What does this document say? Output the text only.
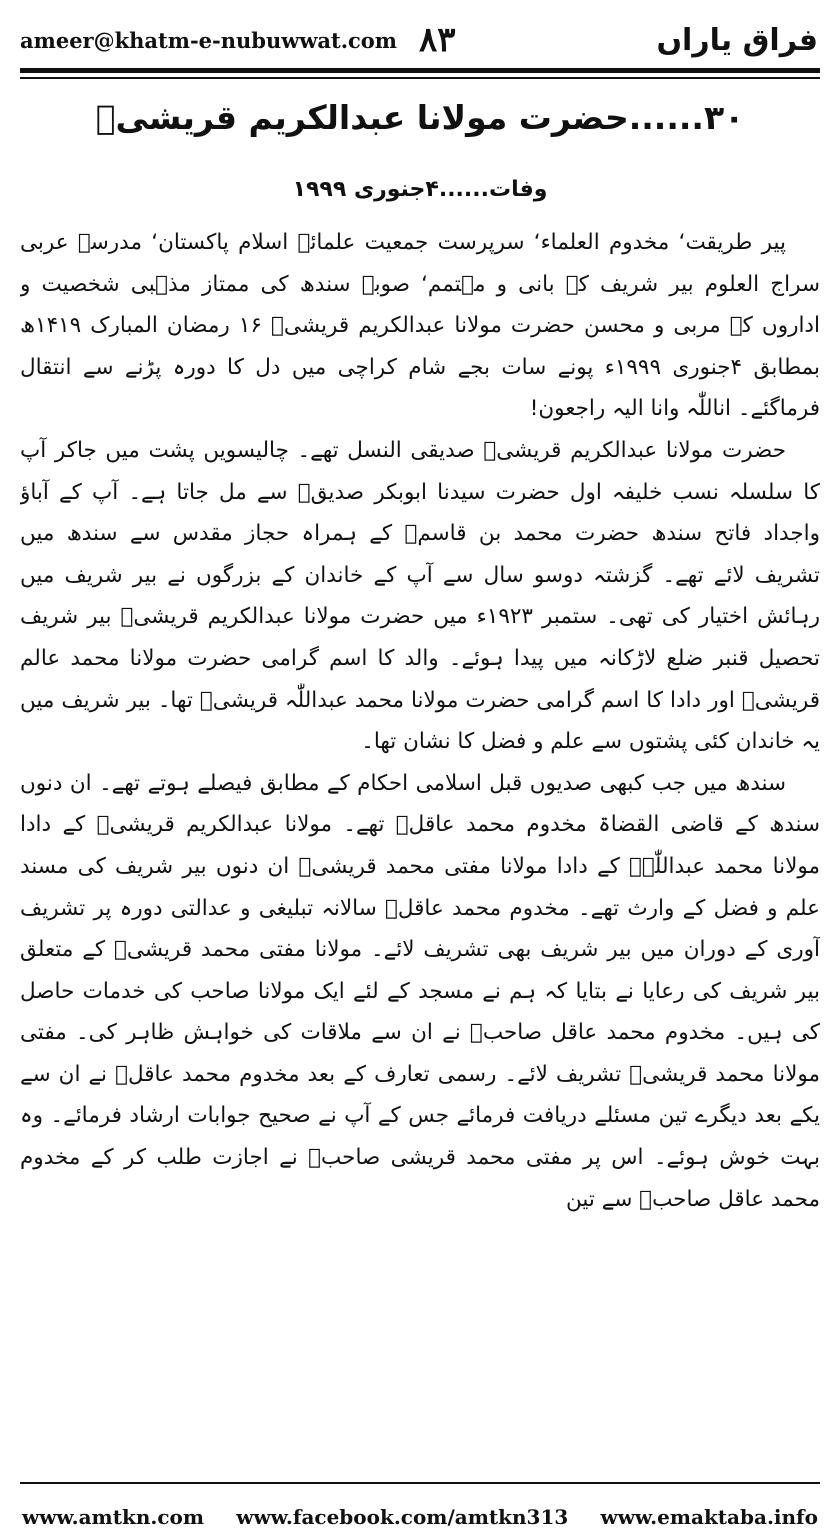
ameer@khatm-e-nubuwwat.com ۸۳	فراق یاراں
۳۰......حضرت مولانا عبدالکریم قریشیؒ
وفات......۴جنوری ۱۹۹۹

پیر طریقت‘ مخدوم العلماء‘ سرپرست جمعیت علمائے اسلام پاکستان‘ مدرسہ عربی سراج العلوم بیر شریف کے بانی و مہتمم‘ صوبہ سندھ کی ممتاز مذہبی شخصیت و اداروں کے مربی و محسن حضرت مولانا عبدالکریم قریشیؒ ۱۶ رمضان المبارک ۱۴۱۹ھ بمطابق ۴جنوری ۱۹۹۹ء پونے سات بجے شام کراچی میں دل کا دورہ پڑنے سے انتقال فرماگئے۔ اناللّٰہ وانا الیہ راجعون!

حضرت مولانا عبدالکریم قریشیؒ صدیقی النسل تھے۔ چالیسویں پشت میں جاکر آپ کا سلسلہ نسب خلیفہ اول حضرت سیدنا ابوبکر صدیقؓ سے مل جاتا ہے۔ آپ کے آباؤ واجداد فاتح سندھ حضرت محمد بن قاسمؒ کے ہمراہ حجاز مقدس سے سندھ میں تشریف لائے تھے۔ گزشتہ دوسو سال سے آپ کے خاندان کے بزرگوں نے بیر شریف میں رہائش اختیار کی تھی۔ ستمبر ۱۹۲۳ء میں حضرت مولانا عبدالکریم قریشیؒ بیر شریف تحصیل قنبر ضلع لاڑکانہ میں پیدا ہوئے۔ والد کا اسم گرامی حضرت مولانا محمد عالم قریشیؒ اور دادا کا اسم گرامی حضرت مولانا محمد عبداللّٰہ قریشیؒ تھا۔ بیر شریف میں یہ خاندان کئی پشتوں سے علم و فضل کا نشان تھا۔

سندھ میں جب کبھی صدیوں قبل اسلامی احکام کے مطابق فیصلے ہوتے تھے۔ ان دنوں سندھ کے قاضی القضاۃ مخدوم محمد عاقلؒ تھے۔ مولانا عبدالکریم قریشیؒ کے دادا مولانا محمد عبداللّٰہؒ کے دادا مولانا مفتی محمد قریشیؒ ان دنوں بیر شریف کی مسند علم و فضل کے وارث تھے۔ مخدوم محمد عاقلؒ سالانہ تبلیغی و عدالتی دورہ پر تشریف آوری کے دوران میں بیر شریف بھی تشریف لائے۔ مولانا مفتی محمد قریشیؒ کے متعلق بیر شریف کی رعایا نے بتایا کہ ہم نے مسجد کے لئے ایک مولانا صاحب کی خدمات حاصل کی ہیں۔ مخدوم محمد عاقل صاحبؒ نے ان سے ملاقات کی خواہش ظاہر کی۔ مفتی مولانا محمد قریشیؒ تشریف لائے۔ رسمی تعارف کے بعد مخدوم محمد عاقلؒ نے ان سے یکے بعد دیگرے تین مسئلے دریافت فرمائے جس کے آپ نے صحیح جوابات ارشاد فرمائے۔ وہ بہت خوش ہوئے۔ اس پر مفتی محمد قریشی صاحبؒ نے اجازت طلب کر کے مخدوم محمد عاقل صاحبؒ سے تین

www.amtkn.com www.facebook.com/amtkn313 www.emaktaba.info
